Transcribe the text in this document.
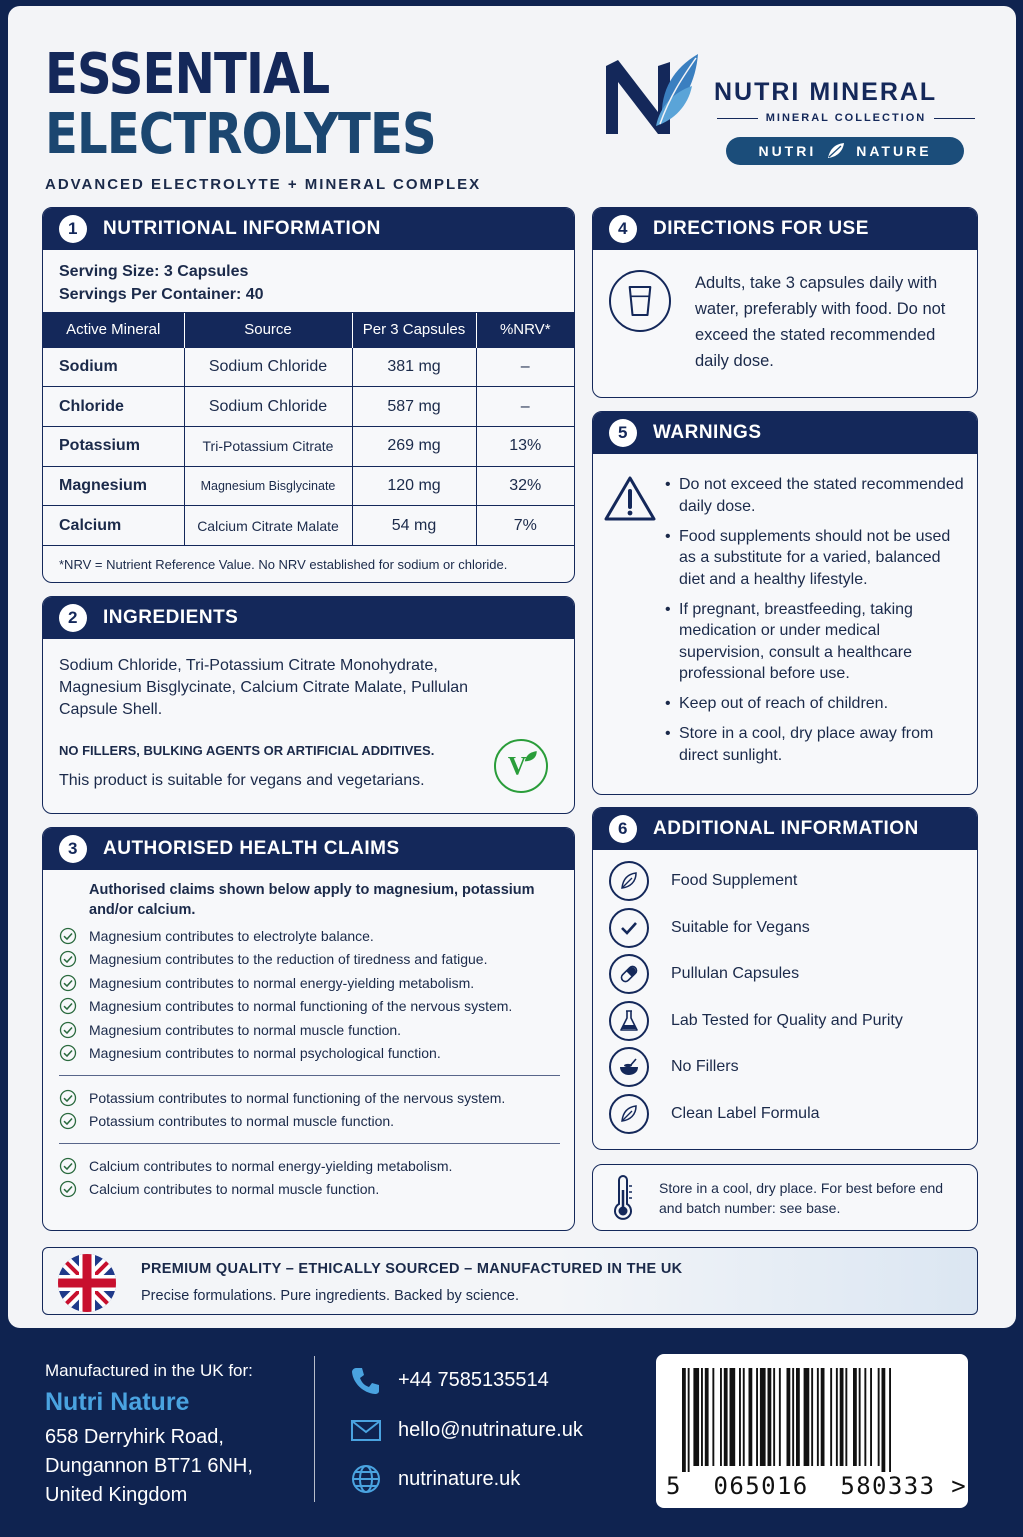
ESSENTIAL
ELECTROLYTES
ADVANCED ELECTROLYTE + MINERAL COMPLEX
NUTRI MINERAL
MINERAL COLLECTION
NUTRI	NATURE
1	NUTRITIONAL INFORMATION
Serving Size: 3 Capsules
Servings Per Container: 40
Active Mineral	Source	Per 3 Capsules	%NRV*
Sodium	Sodium Chloride	381 mg	–
Chloride	Sodium Chloride	587 mg	–
Potassium	Tri-Potassium Citrate	269 mg	13%
Magnesium	Magnesium Bisglycinate	120 mg	32%
Calcium	Calcium Citrate Malate	54 mg	7%
*NRV = Nutrient Reference Value. No NRV established for sodium or chloride.
2	INGREDIENTS
Sodium Chloride, Tri-Potassium Citrate Monohydrate, Magnesium Bisglycinate, Calcium Citrate Malate, Pullulan Capsule Shell.
NO FILLERS, BULKING AGENTS OR ARTIFICIAL ADDITIVES.
This product is suitable for vegans and vegetarians.
V
3	AUTHORISED HEALTH CLAIMS
Authorised claims shown below apply to magnesium, potassium and/or calcium.
Magnesium contributes to electrolyte balance.
Magnesium contributes to the reduction of tiredness and fatigue.
Magnesium contributes to normal energy-yielding metabolism.
Magnesium contributes to normal functioning of the nervous system.
Magnesium contributes to normal muscle function.
Magnesium contributes to normal psychological function.
Potassium contributes to normal functioning of the nervous system.
Potassium contributes to normal muscle function.
Calcium contributes to normal energy-yielding metabolism.
Calcium contributes to normal muscle function.
4	DIRECTIONS FOR USE
Adults, take 3 capsules daily with water, preferably with food. Do not exceed the stated recommended daily dose.
5	WARNINGS
• Do not exceed the stated recommended daily dose.
• Food supplements should not be used as a substitute for a varied, balanced diet and a healthy lifestyle.
• If pregnant, breastfeeding, taking medication or under medical supervision, consult a healthcare professional before use.
• Keep out of reach of children.
• Store in a cool, dry place away from direct sunlight.
6	ADDITIONAL INFORMATION
Food Supplement
Suitable for Vegans
Pullulan Capsules
Lab Tested for Quality and Purity
No Fillers
Clean Label Formula
Store in a cool, dry place. For best before end and batch number: see base.
PREMIUM QUALITY – ETHICALLY SOURCED – MANUFACTURED IN THE UK
Precise formulations. Pure ingredients. Backed by science.
Manufactured in the UK for:
Nutri Nature
658 Derryhirk Road,
Dungannon BT71 6NH,
United Kingdom
+44 7585135514
hello@nutrinature.uk
nutrinature.uk	5  065016  580333 >
